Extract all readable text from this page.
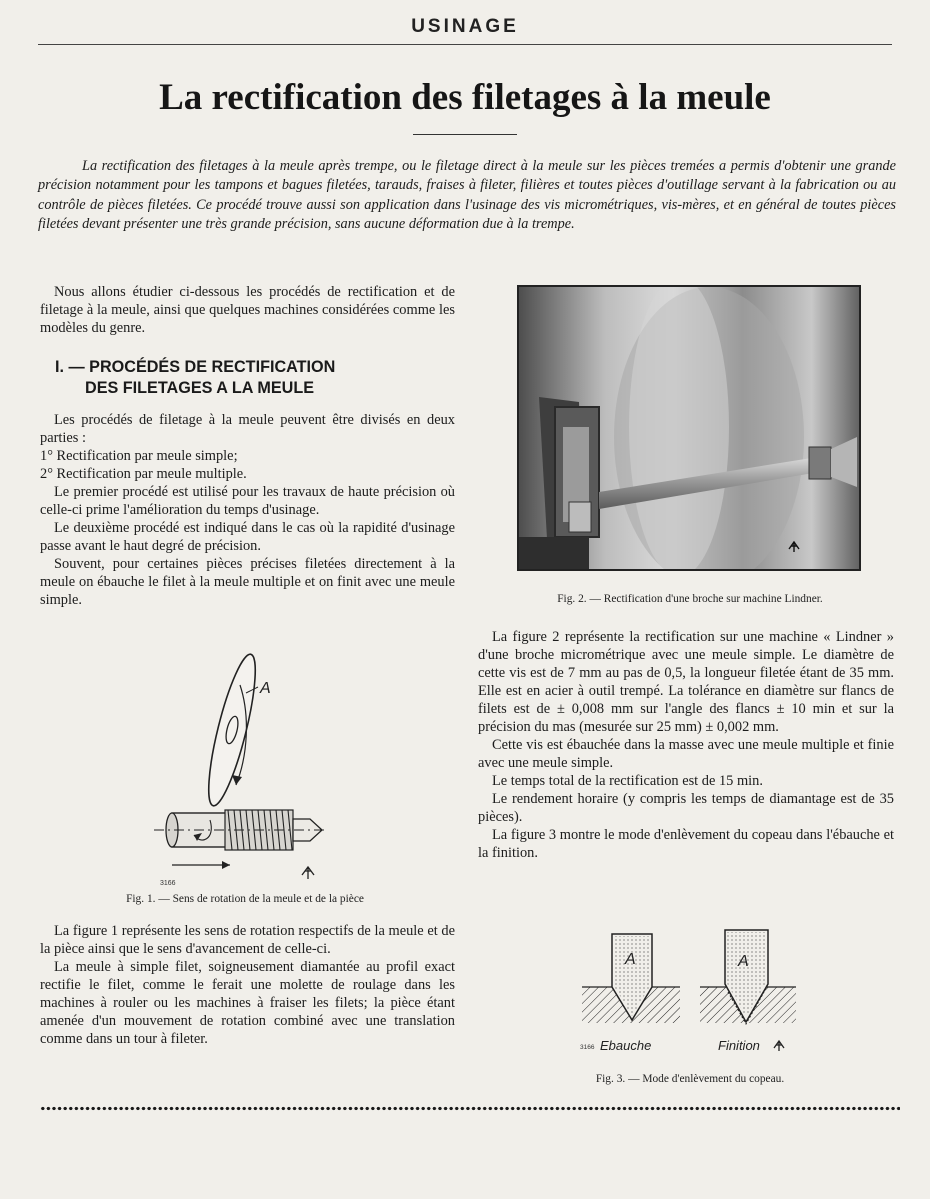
USINAGE
La rectification des filetages à la meule

La rectification des filetages à la meule après trempe, ou le filetage direct à la meule sur les pièces tremées a permis d'obtenir une grande précision notamment pour les tampons et bagues filetées, tarauds, fraises à fileter, filières et toutes pièces d'outillage servant à la fabrication ou au contrôle de pièces filetées. Ce procédé trouve aussi son application dans l'usinage des vis micrométriques, vis-mères, et en général de toutes pièces filetées devant présenter une très grande précision, sans aucune déformation due à la trempe.

Nous allons étudier ci-dessous les procédés de rectification et de filetage à la meule, ainsi que quelques machines considérées comme les modèles du genre.

I. — PROCÉDÉS DE RECTIFICATION
DES FILETAGES A LA MEULE

Les procédés de filetage à la meule peuvent être divisés en deux parties :

1° Rectification par meule simple;

2° Rectification par meule multiple.

Le premier procédé est utilisé pour les travaux de haute précision où celle-ci prime l'amélioration du temps d'usinage.

Le deuxième procédé est indiqué dans le cas où la rapidité d'usinage passe avant le haut degré de précision.

Souvent, pour certaines pièces précises filetées directement à la meule on ébauche le filet à la meule multiple et on finit avec une meule simple.

A
3166
Fig. 1. — Sens de rotation de la meule et de la pièce

La figure 1 représente les sens de rotation respectifs de la meule et de la pièce ainsi que le sens d'avancement de celle-ci.

La meule à simple filet, soigneusement diamantée au profil exact rectifie le filet, comme le ferait une molette de roulage dans les machines à rouler ou les machines à fraiser les filets; la pièce étant amenée d'un mouvement de rotation combiné avec une translation comme dans un tour à fileter.

Fig. 2. — Rectification d'une broche sur machine Lindner.

La figure 2 représente la rectification sur une machine « Lindner » d'une broche micrométrique avec une meule simple. Le diamètre de cette vis est de 7 mm au pas de 0,5, la longueur filetée étant de 35 mm. Elle est en acier à outil trempé. La tolérance en diamètre sur flancs de filets est de ± 0,008 mm sur l'angle des flancs ± 10 min et sur la précision du mas (mesurée sur 25 mm) ± 0,002 mm.

Cette vis est ébauchée dans la masse avec une meule multiple et finie avec une meule simple.

Le temps total de la rectification est de 15 min.

Le rendement horaire (y compris les temps de diamantage est de 35 pièces).

La figure 3 montre le mode d'enlèvement du copeau dans l'ébauche et la finition.

A	A
3166 Ebauche	Finition
Fig. 3. — Mode d'enlèvement du copeau.
